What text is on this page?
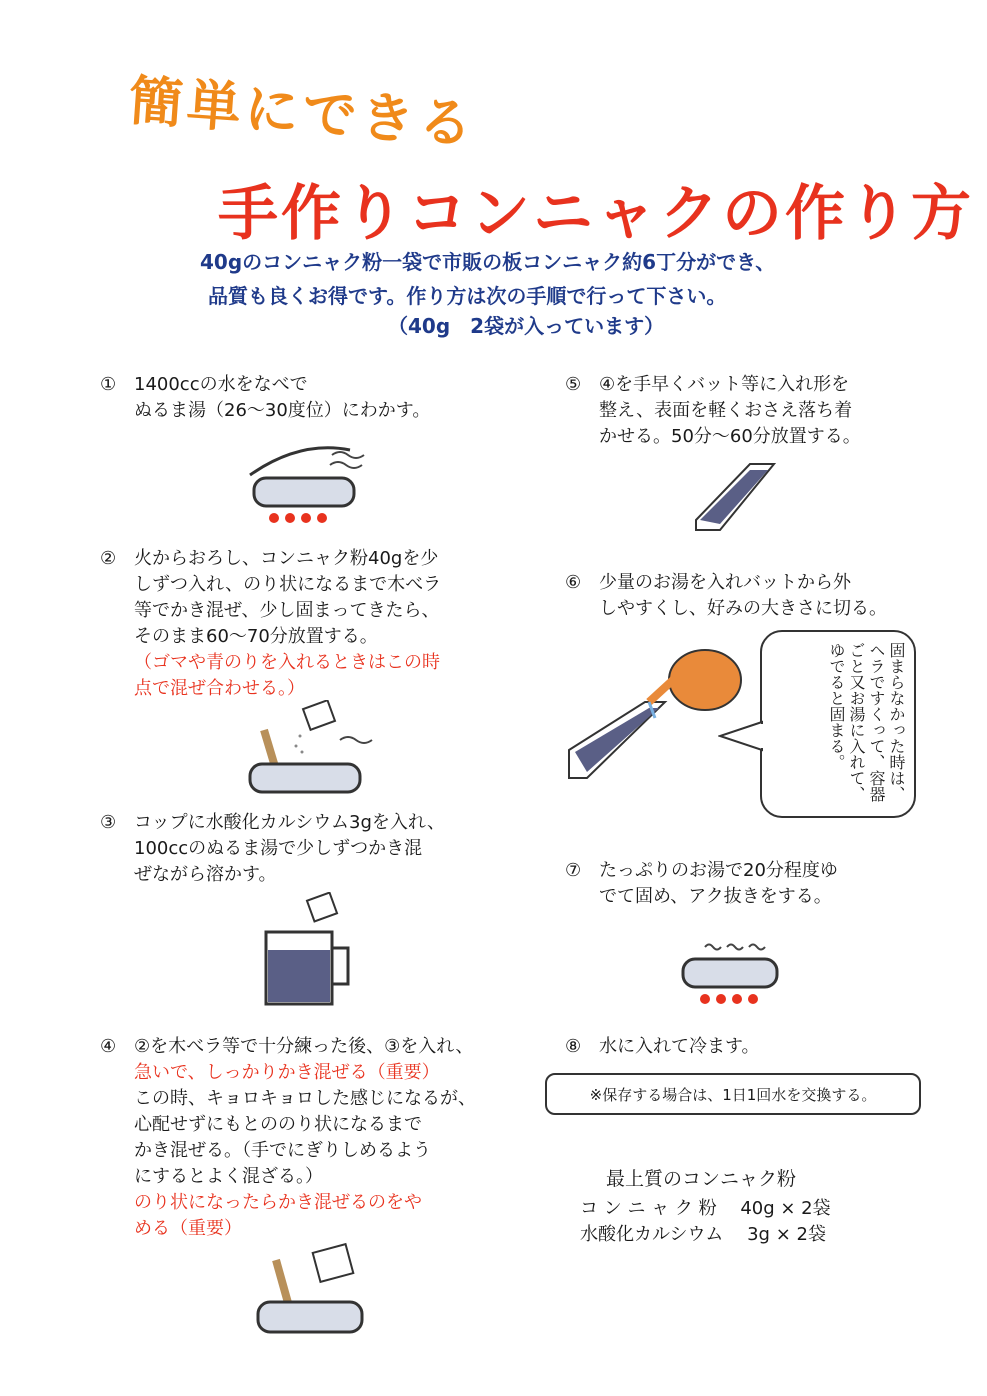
簡単にできる
手作りコンニャクの作り方
40gのコンニャク粉一袋で市販の板コンニャク約6丁分ができ、
品質も良くお得です。作り方は次の手順で行って下さい。
（40g　2袋が入っています）
① 1400ccの水をなべで
ぬるま湯（26～30度位）にわかす。
② 火からおろし、コンニャク粉40gを少
しずつ入れ、のり状になるまで木べラ
等でかき混ぜ、少し固まってきたら、
そのまま60～70分放置する。
（ゴマや青のりを入れるときはこの時
点で混ぜ合わせる。）
③ コップに水酸化カルシウム3gを入れ、
100ccのぬるま湯で少しずつかき混
ぜながら溶かす。
④ ②を木べラ等で十分練った後、③を入れ、
急いで、しっかりかき混ぜる（重要）
この時、キョロキョロした感じになるが、
心配せずにもとののり状になるまで
かき混ぜる。（手でにぎりしめるよう
にするとよく混ざる。）
のり状になったらかき混ぜるのをや
める（重要）
⑤ ④を手早くバット等に入れ形を
整え、表面を軽くおさえ落ち着
かせる。50分～60分放置する。
⑥ 少量のお湯を入れバットから外
しやすくし、好みの大きさに切る。
固まらなかった時は、ヘラですくって、容器ごと又お湯に入れて、ゆでると固まる。
⑦ たっぷりのお湯で20分程度ゆ
でて固め、アク抜きをする。
⑧ 水に入れて冷ます。
※保存する場合は、1日1回水を交換する。
最上質のコンニャク粉
コ ン ニ ャ ク 粉　 40g × 2袋
水酸化カルシウム　 3g × 2袋
